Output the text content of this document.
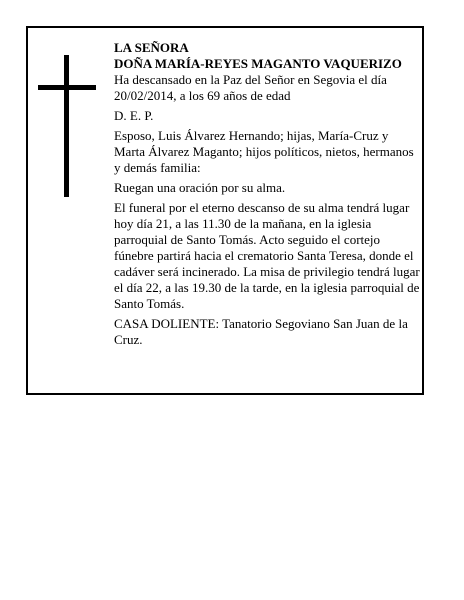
LA SEÑORA

DOÑA MARÍA-REYES MAGANTO VAQUERIZO

Ha descansado en la Paz del Señor en Segovia el día 20/02/2014, a los 69 años de edad

D. E. P.

Esposo, Luis Álvarez Hernando; hijas, María-Cruz y Marta Álvarez Maganto; hijos políticos, nietos, hermanos y demás familia:

Ruegan una oración por su alma.

El funeral por el eterno descanso de su alma tendrá lugar hoy día 21, a las 11.30 de la mañana, en la iglesia parroquial de Santo Tomás. Acto seguido el cortejo fúnebre partirá hacia el crematorio Santa Teresa, donde el cadáver será incinerado. La misa de privilegio tendrá lugar el día 22, a las 19.30 de la tarde, en la iglesia parroquial de Santo Tomás.

CASA DOLIENTE: Tanatorio Segoviano San Juan de la Cruz.
